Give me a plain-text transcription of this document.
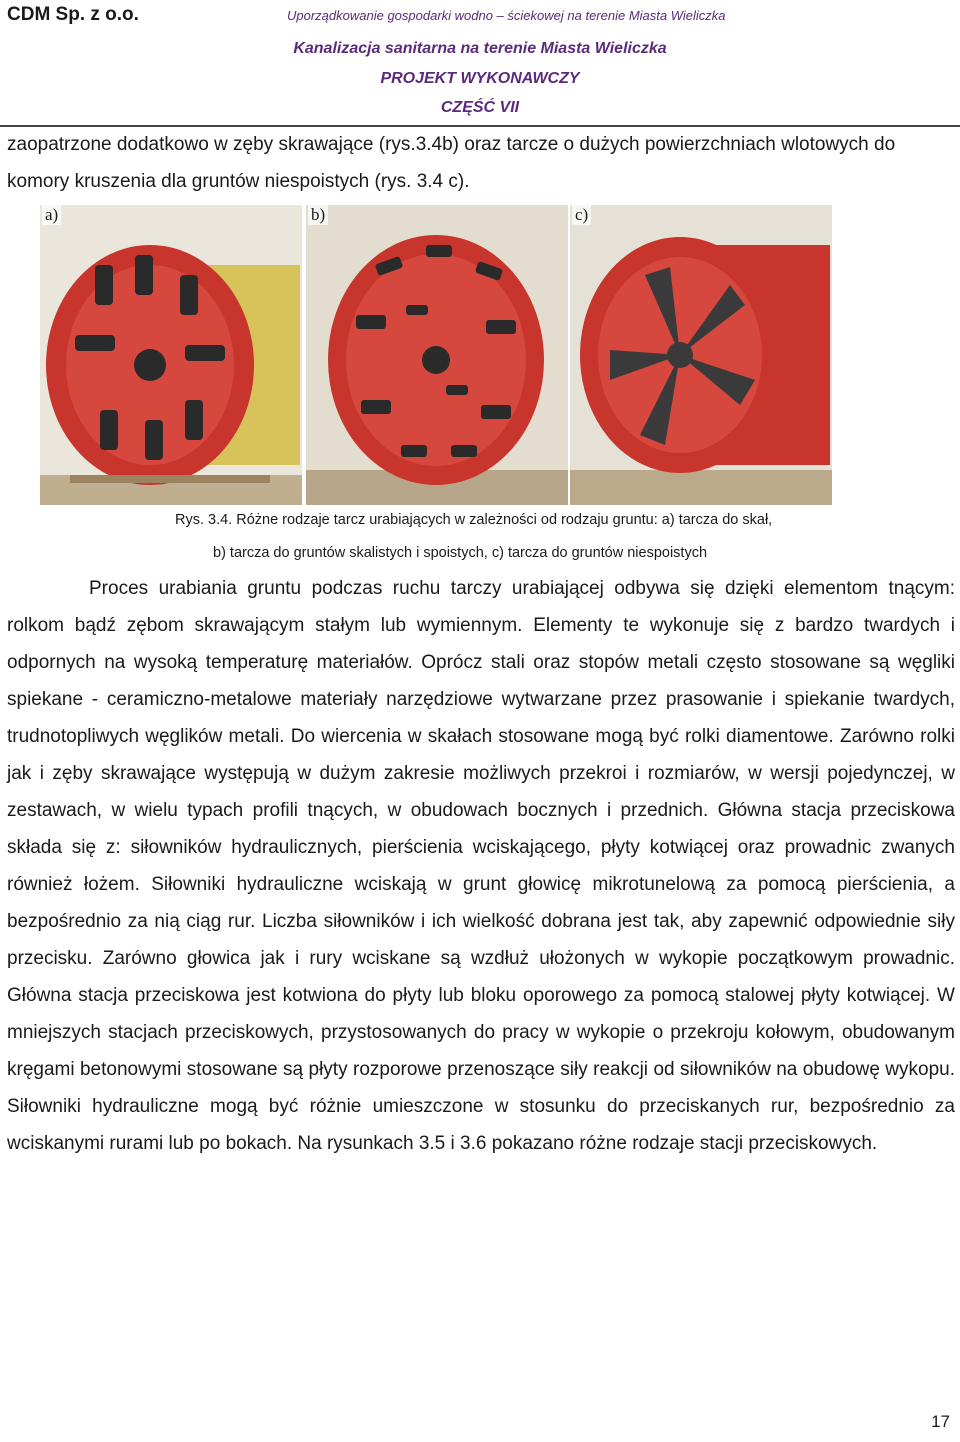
CDM Sp. z o.o.	Uporządkowanie gospodarki wodno – ściekowej na terenie Miasta Wieliczka
Kanalizacja sanitarna na terenie Miasta Wieliczka
PROJEKT WYKONAWCZY
CZĘŚĆ VII

zaopatrzone dodatkowo w zęby skrawające (rys.3.4b) oraz tarcze o dużych powierzchniach wlotowych do komory kruszenia dla gruntów niespoistych (rys. 3.4 c).

a)	b)	c)
Rys. 3.4. Różne rodzaje tarcz urabiających w zależności od rodzaju gruntu: a) tarcza do skał,
b) tarcza do gruntów skalistych i spoistych, c) tarcza do gruntów niespoistych

Proces urabiania gruntu podczas ruchu tarczy urabiającej odbywa się dzięki elementom tnącym: rolkom bądź zębom skrawającym stałym lub wymiennym. Elementy te wykonuje się z bardzo twardych i odpornych na wysoką temperaturę materiałów. Oprócz stali oraz stopów metali często stosowane są węgliki spiekane - ceramiczno-metalowe materiały narzędziowe wytwarzane przez prasowanie i spiekanie twardych, trudnotopliwych węglików metali. Do wiercenia w skałach stosowane mogą być rolki diamentowe. Zarówno rolki jak i zęby skrawające występują w dużym zakresie możliwych przekroi i rozmiarów, w wersji pojedynczej, w zestawach, w wielu typach profili tnących, w obudowach bocznych i przednich. Główna stacja przeciskowa składa się z: siłowników hydraulicznych, pierścienia wciskającego, płyty kotwiącej oraz prowadnic zwanych również łożem. Siłowniki hydrauliczne wciskają w grunt głowicę mikrotunelową za pomocą pierścienia, a bezpośrednio za nią ciąg rur. Liczba siłowników i ich wielkość dobrana jest tak, aby zapewnić odpowiednie siły przecisku. Zarówno głowica jak i rury wciskane są wzdłuż ułożonych w wykopie początkowym prowadnic. Główna stacja przeciskowa jest kotwiona do płyty lub bloku oporowego za pomocą stalowej płyty kotwiącej. W mniejszych stacjach przeciskowych, przystosowanych do pracy w wykopie o przekroju kołowym, obudowanym kręgami betonowymi stosowane są płyty rozporowe przenoszące siły reakcji od siłowników na obudowę wykopu. Siłowniki hydrauliczne mogą być różnie umieszczone w stosunku do przeciskanych rur, bezpośrednio za wciskanymi rurami lub po bokach. Na rysunkach 3.5 i 3.6 pokazano różne rodzaje stacji przeciskowych.

17
